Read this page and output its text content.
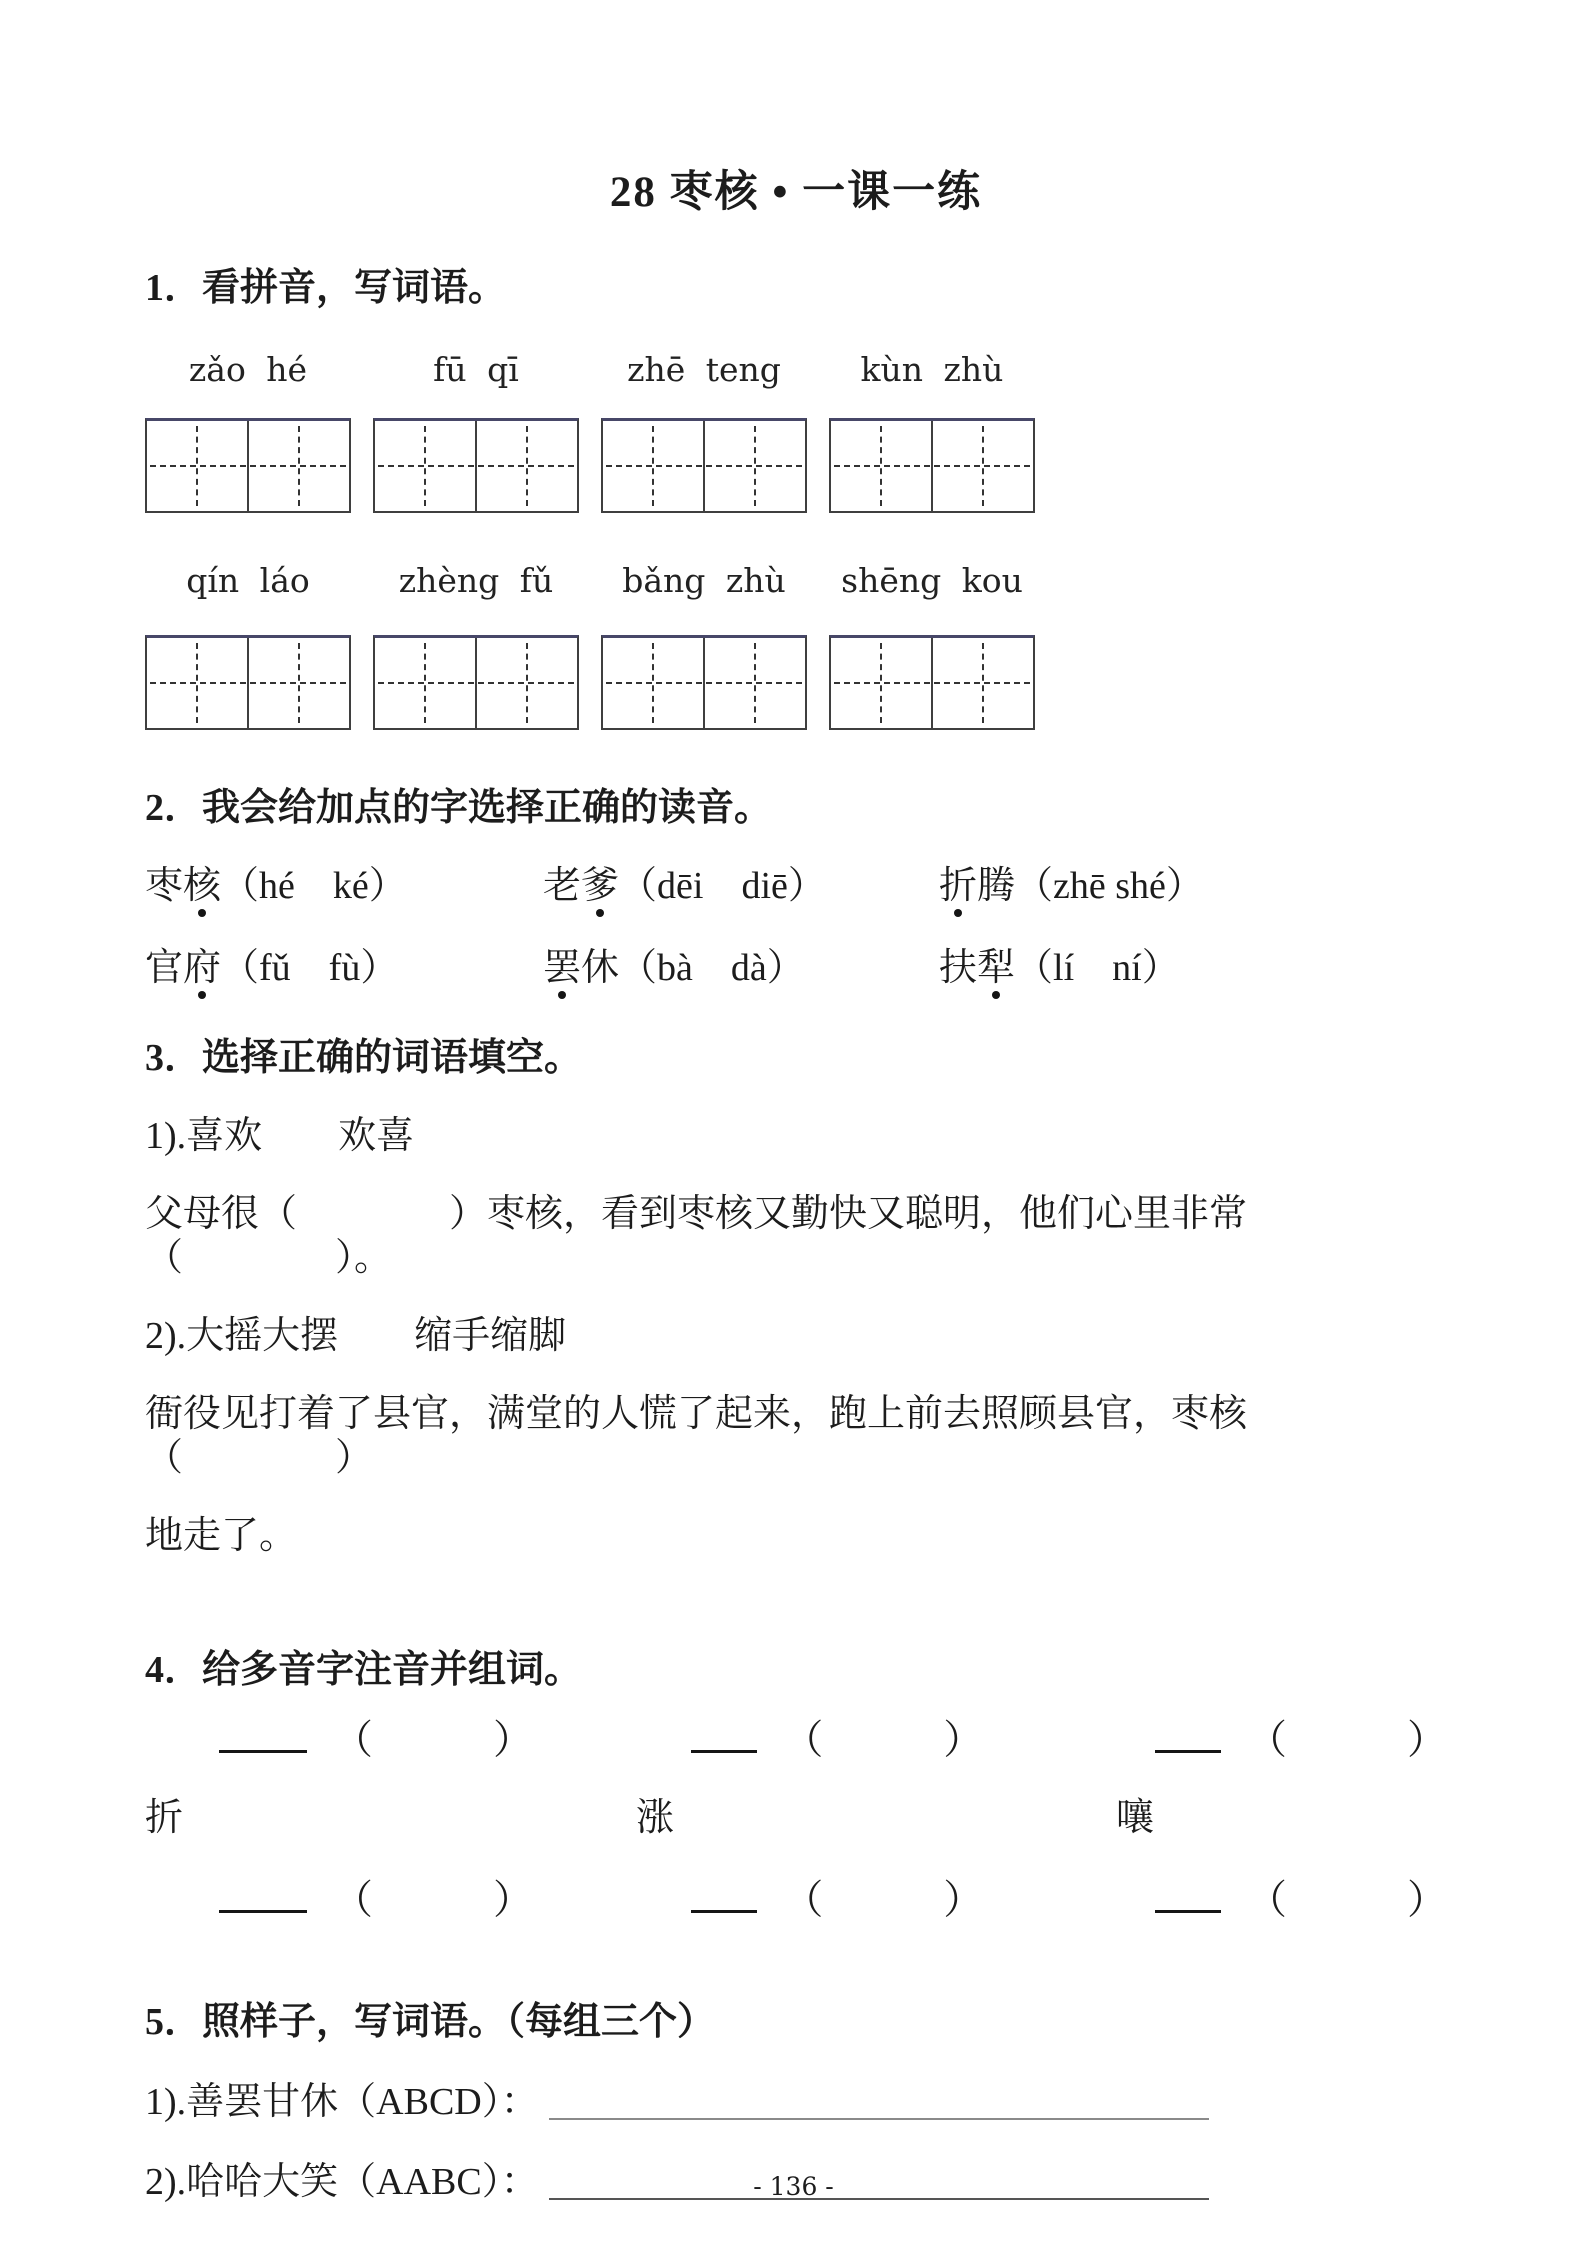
28 枣核 • 一课一练
1．看拼音，写词语。
zǎo hé	fū qī	zhē teng	kùn zhù
qín láo	zhèng fǔ	bǎng zhù	shēng kou
2．我会给加点的字选择正确的读音。
枣核 （hé　ké）	老爹 （dēi　diē）	折腾 （zhē shé）
官府 （fǔ　fù）	罢休 （bà　dà）	扶犁 （lí　ní）
3．选择正确的词语填空。
1).喜欢　　欢喜
父母很（　　　　）枣核，看到枣核又勤快又聪明，他们心里非常（　　　　）。
2).大摇大摆　　缩手缩脚
衙役见打着了县官，满堂的人慌了起来，跑上前去照顾县官，枣核（　　　　）
地走了。
4．给多音字注音并组词。
（　　　）	（　　　）	（　　　）
折	涨	嚷
（　　　）	（　　　）	（　　　）
5．照样子，写词语。（每组三个）
1).善罢甘休（ABCD）：
2).哈哈大笑（AABC）：	- 136 -
